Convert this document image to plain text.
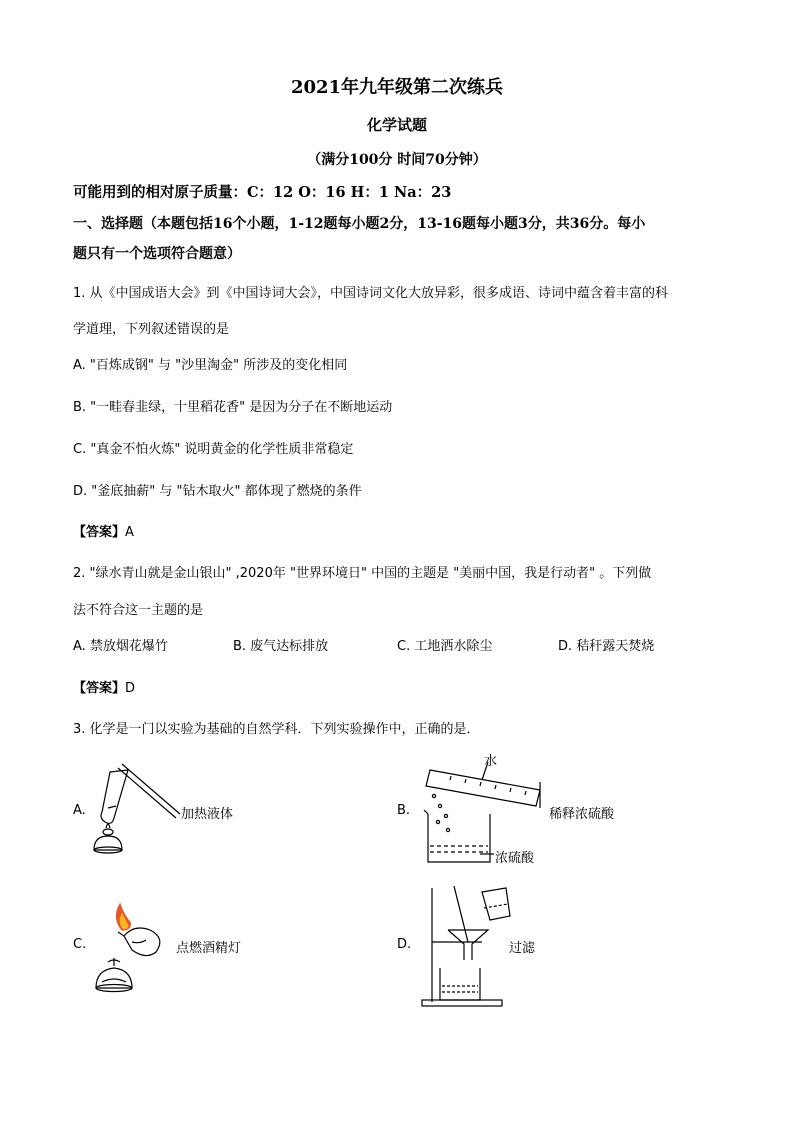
2021年九年级第二次练兵
化学试题
（满分100分 时间70分钟）
可能用到的相对原子质量：C：12 O：16 H：1 Na：23
一、选择题（本题包括16个小题，1-12题每小题2分，13-16题每小题3分，共36分。每小
题只有一个选项符合题意）
1. 从《中国成语大会》到《中国诗词大会》，中国诗词文化大放异彩，很多成语、诗词中蕴含着丰富的科
学道理，下列叙述错误的是
A. "百炼成钢" 与 "沙里淘金" 所涉及的变化相同
B. "一畦春韭绿，十里稻花香" 是因为分子在不断地运动
C. "真金不怕火炼" 说明黄金的化学性质非常稳定
D. "釜底抽薪" 与 "钻木取火" 都体现了燃烧的条件
【答案】A
2. "绿水青山就是金山银山" ,2020年 "世界环境日" 中国的主题是 "美丽中国，我是行动者" 。下列做
法不符合这一主题的是
A. 禁放烟花爆竹	B. 废气达标排放	C. 工地洒水除尘	D. 秸秆露天焚烧
【答案】D
3. 化学是一门以实验为基础的自然学科．下列实验操作中，正确的是．
A.	加热液体	B.
水
稀释浓硫酸
浓硫酸
C.	点燃酒精灯	D.	过滤
